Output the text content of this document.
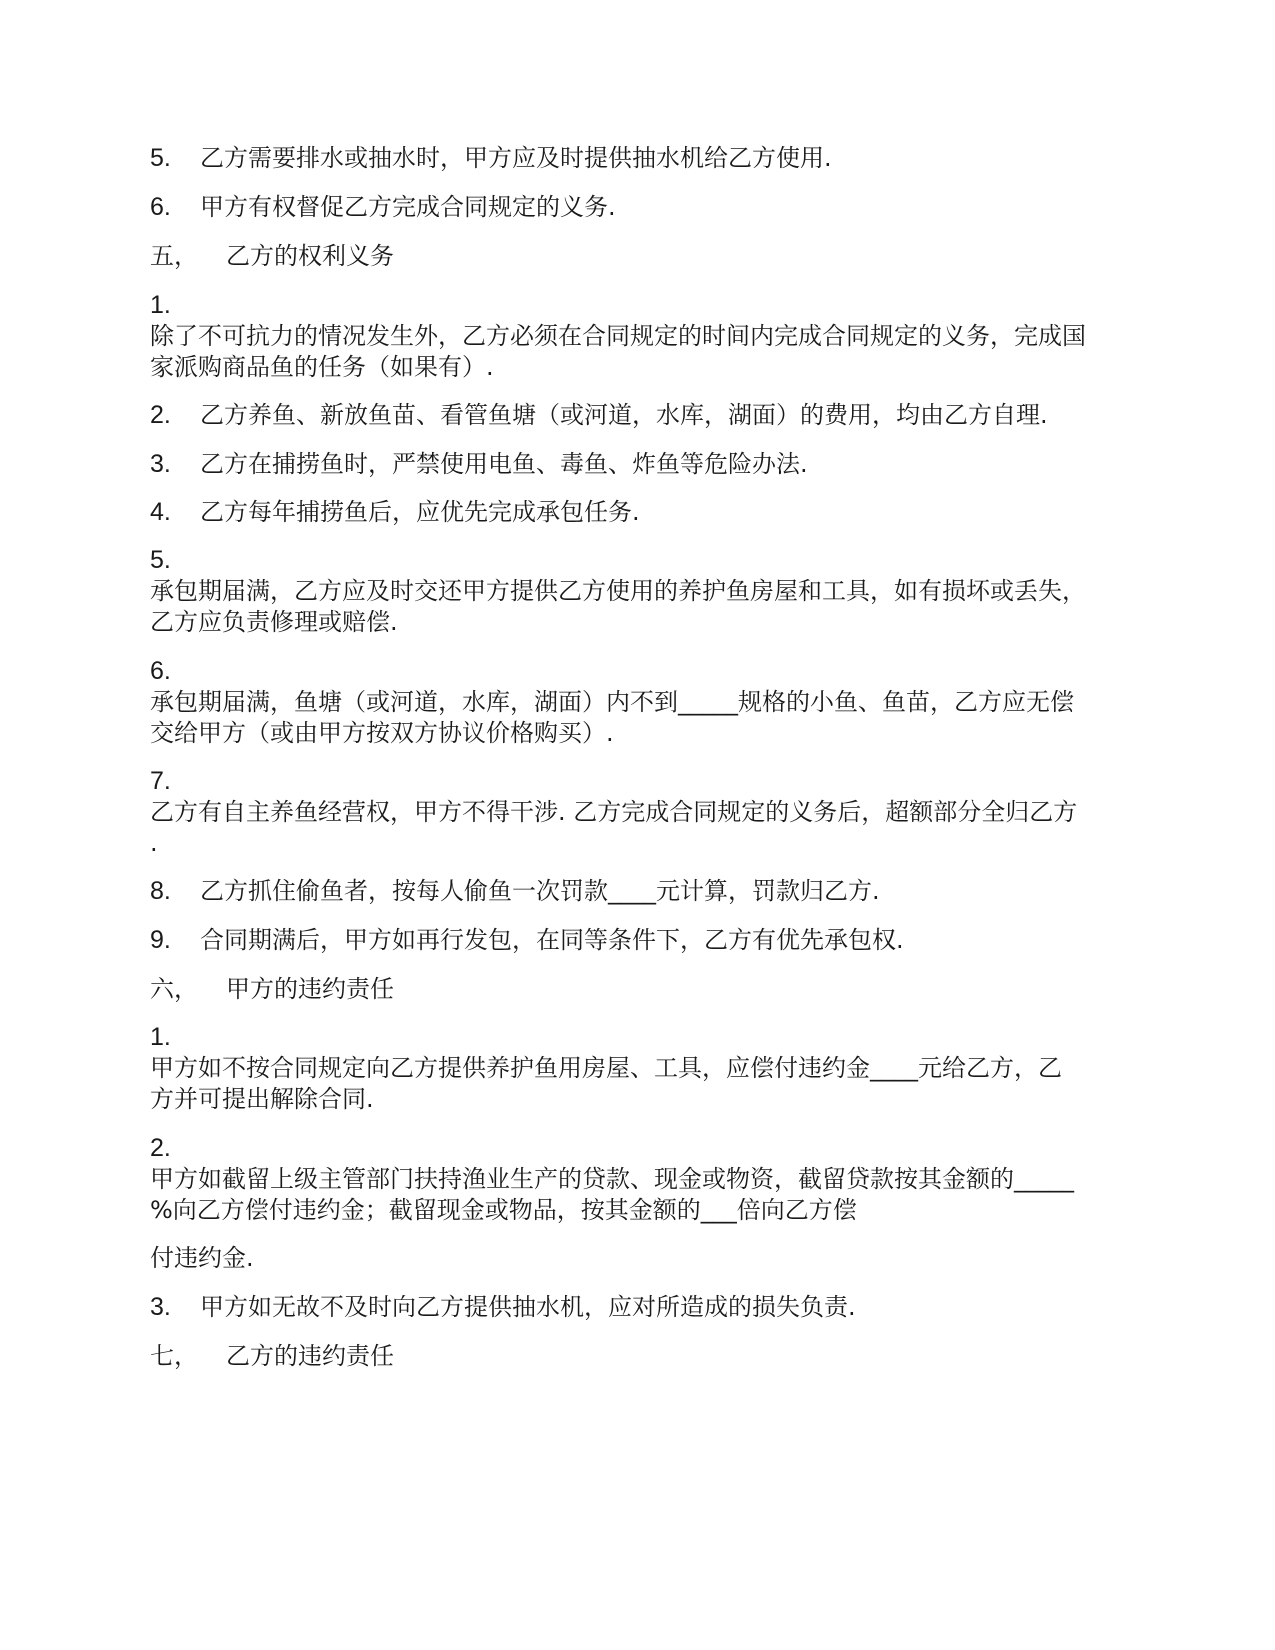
5. 乙方需要排水或抽水时，甲方应及时提供抽水机给乙方使用.
6. 甲方有权督促乙方完成合同规定的义务.
五， 乙方的权利义务
1.
除了不可抗力的情况发生外，乙方必须在合同规定的时间内完成合同规定的义务，完成国
家派购商品鱼的任务（如果有）.
2. 乙方养鱼、新放鱼苗、看管鱼塘（或河道，水库，湖面）的费用，均由乙方自理.
3. 乙方在捕捞鱼时，严禁使用电鱼、毒鱼、炸鱼等危险办法.
4. 乙方每年捕捞鱼后，应优先完成承包任务.
5.
承包期届满，乙方应及时交还甲方提供乙方使用的养护鱼房屋和工具，如有损坏或丢失，
乙方应负责修理或赔偿.
6.
承包期届满，鱼塘（或河道，水库，湖面）内不到_____规格的小鱼、鱼苗，乙方应无偿
交给甲方（或由甲方按双方协议价格购买）.
7.
乙方有自主养鱼经营权，甲方不得干涉. 乙方完成合同规定的义务后，超额部分全归乙方
.
8. 乙方抓住偷鱼者，按每人偷鱼一次罚款____元计算，罚款归乙方.
9. 合同期满后，甲方如再行发包，在同等条件下，乙方有优先承包权.
六， 甲方的违约责任
1.
甲方如不按合同规定向乙方提供养护鱼用房屋、工具，应偿付违约金____元给乙方，乙
方并可提出解除合同.
2.
甲方如截留上级主管部门扶持渔业生产的贷款、现金或物资，截留贷款按其金额的_____
%向乙方偿付违约金；截留现金或物品，按其金额的___倍向乙方偿
付违约金.
3. 甲方如无故不及时向乙方提供抽水机，应对所造成的损失负责.
七， 乙方的违约责任
